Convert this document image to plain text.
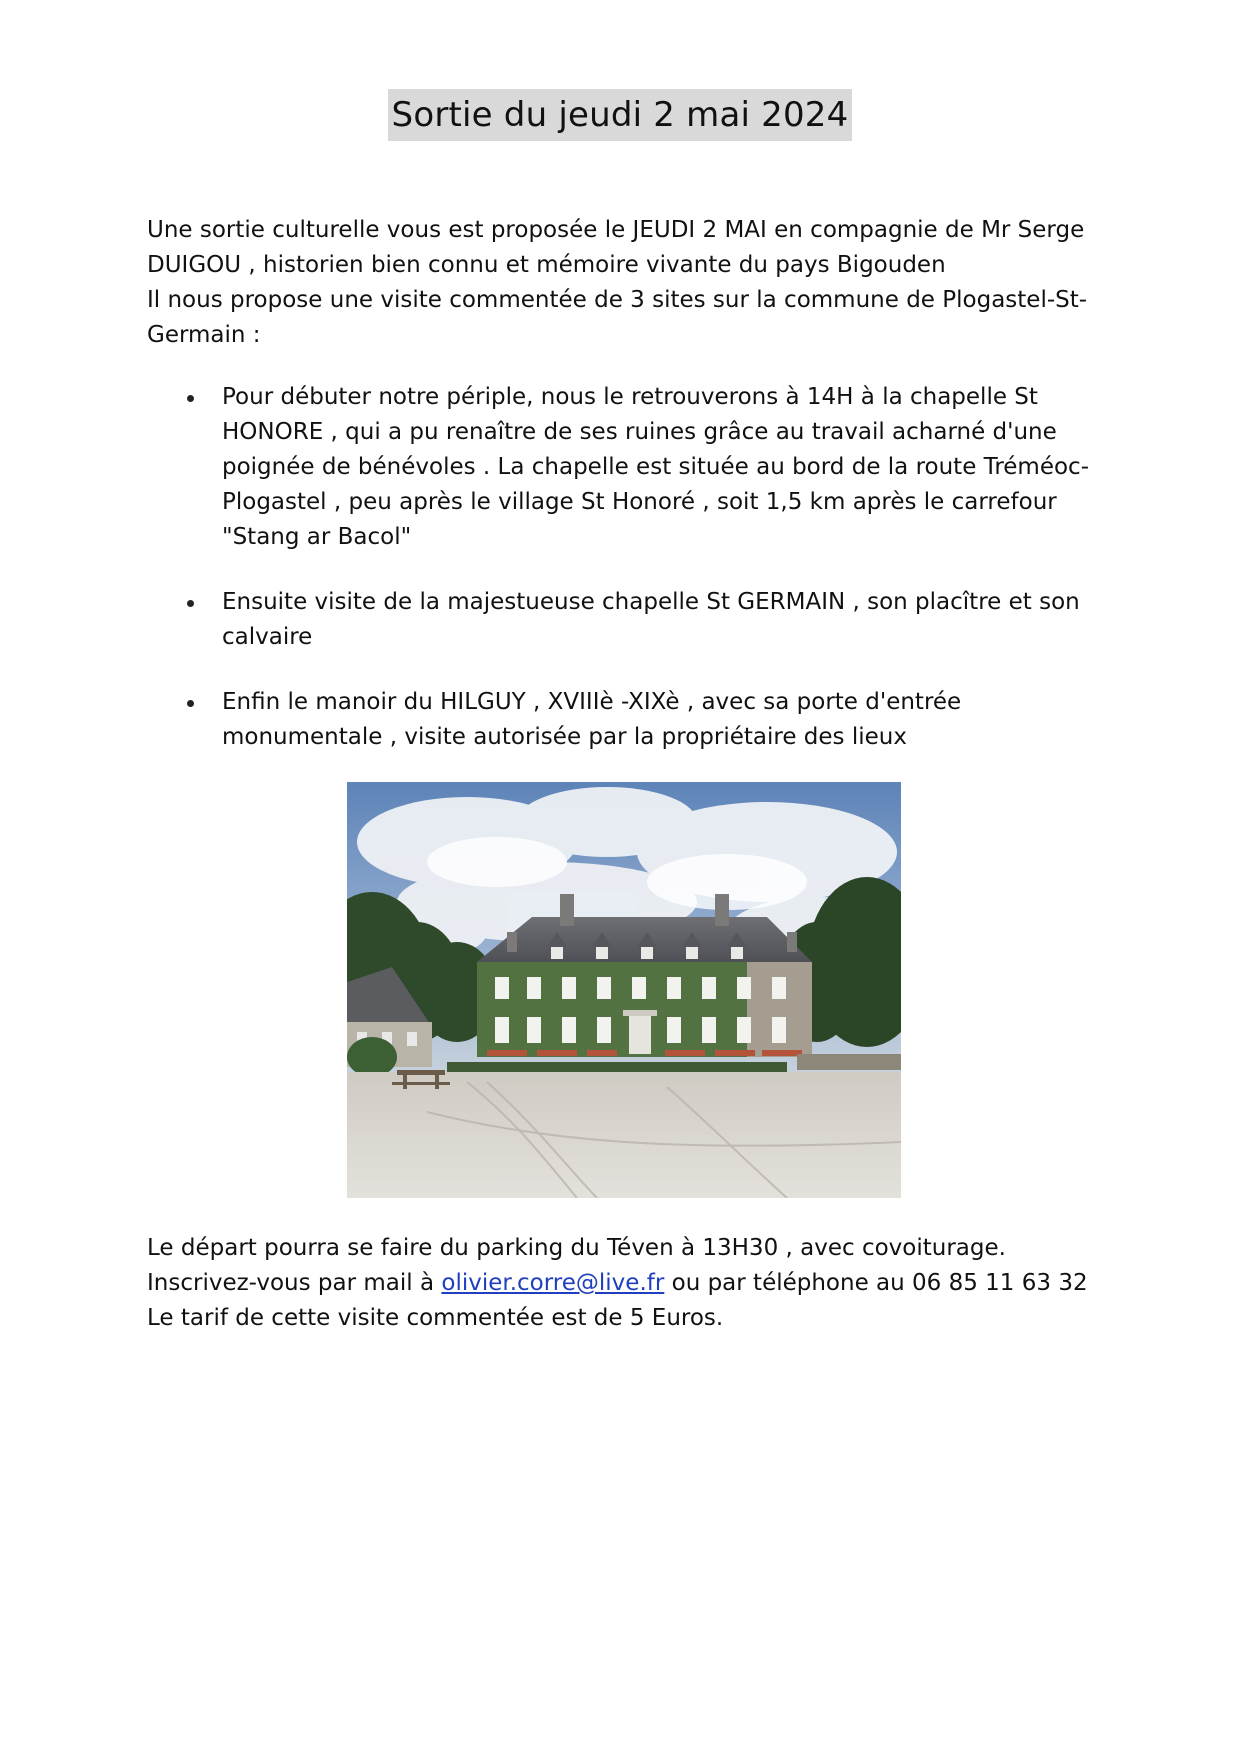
Sortie du jeudi 2 mai 2024

Une sortie culturelle vous est proposée le JEUDI 2 MAI en compagnie de Mr Serge DUIGOU , historien bien connu et mémoire vivante du pays Bigouden

Il nous propose une visite commentée de 3 sites sur la commune de Plogastel-St-Germain :

Pour débuter notre périple, nous le retrouverons à 14H à la chapelle St HONORE , qui a pu renaître de ses ruines grâce au travail acharné d'une poignée de bénévoles . La chapelle est située au bord de la route Tréméoc-Plogastel , peu après le village St Honoré , soit 1,5 km après le carrefour "Stang ar Bacol"
Ensuite visite de la majestueuse chapelle St GERMAIN , son placître et son calvaire
Enfin le manoir du HILGUY , XVIIIè -XIXè , avec sa porte d'entrée monumentale , visite autorisée par la propriétaire des lieux

Le départ pourra se faire du parking du Téven à 13H30 , avec covoiturage.

Inscrivez-vous par mail à olivier.corre@live.fr ou par téléphone au 06 85 11 63 32

Le tarif de cette visite commentée est de 5 Euros.
